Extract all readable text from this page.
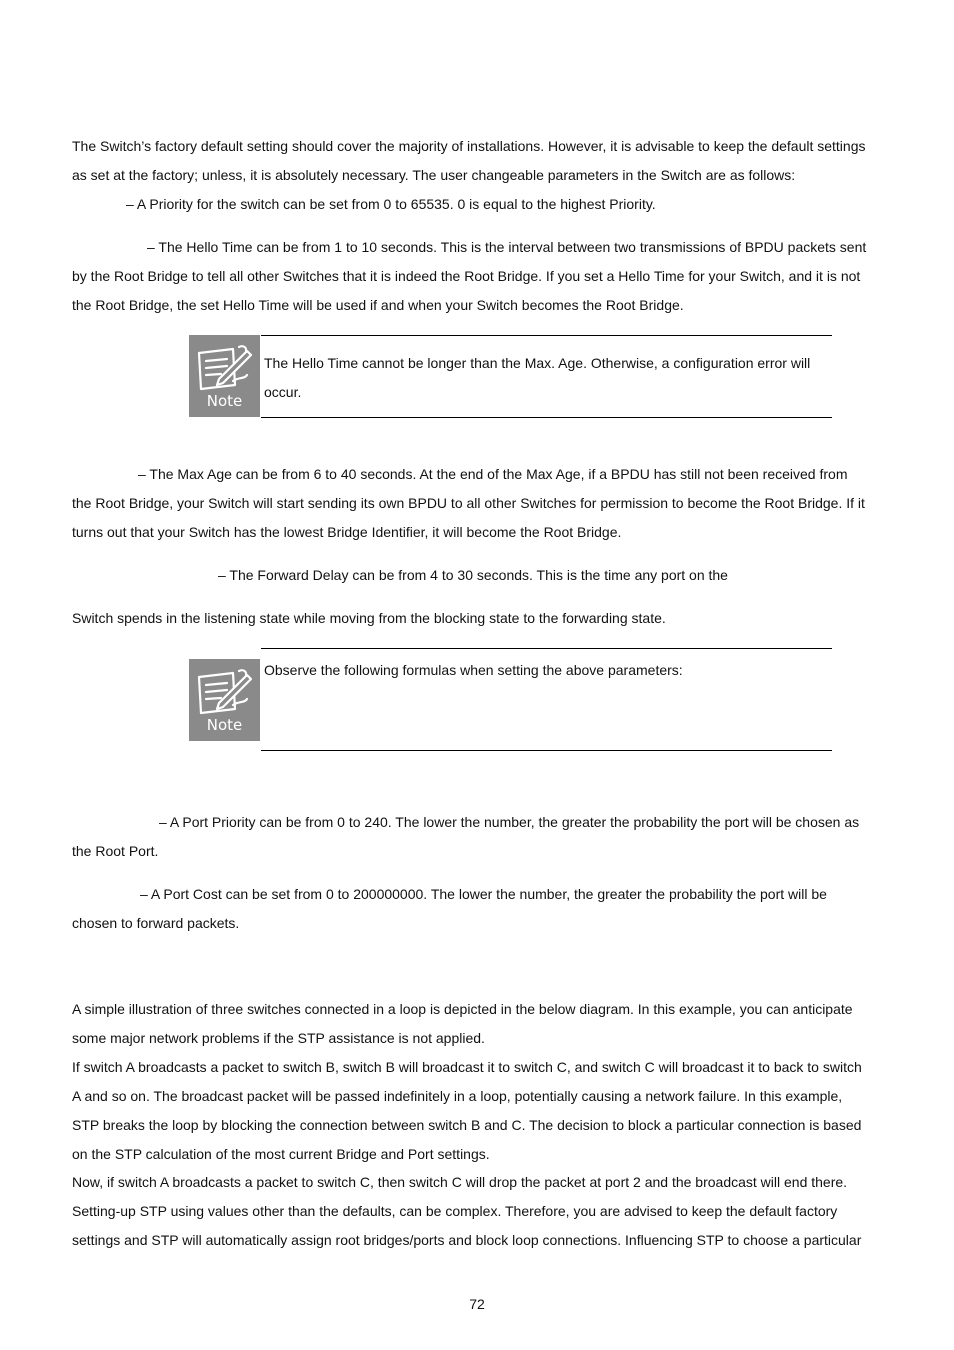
The Switch’s factory default setting should cover the majority of installations. However, it is advisable to keep the default settings
as set at the factory; unless, it is absolutely necessary. The user changeable parameters in the Switch are as follows:
– A Priority for the switch can be set from 0 to 65535. 0 is equal to the highest Priority.
– The Hello Time can be from 1 to 10 seconds. This is the interval between two transmissions of BPDU packets sent
by the Root Bridge to tell all other Switches that it is indeed the Root Bridge. If you set a Hello Time for your Switch, and it is not
the Root Bridge, the set Hello Time will be used if and when your Switch becomes the Root Bridge.
Note
The Hello Time cannot be longer than the Max. Age. Otherwise, a configuration error will
occur.
– The Max Age can be from 6 to 40 seconds. At the end of the Max Age, if a BPDU has still not been received from
the Root Bridge, your Switch will start sending its own BPDU to all other Switches for permission to become the Root Bridge. If it
turns out that your Switch has the lowest Bridge Identifier, it will become the Root Bridge.
– The Forward Delay can be from 4 to 30 seconds. This is the time any port on the
Switch spends in the listening state while moving from the blocking state to the forwarding state.
Note
Observe the following formulas when setting the above parameters:
– A Port Priority can be from 0 to 240. The lower the number, the greater the probability the port will be chosen as
the Root Port.
– A Port Cost can be set from 0 to 200000000. The lower the number, the greater the probability the port will be
chosen to forward packets.
A simple illustration of three switches connected in a loop is depicted in the below diagram. In this example, you can anticipate
some major network problems if the STP assistance is not applied.
If switch A broadcasts a packet to switch B, switch B will broadcast it to switch C, and switch C will broadcast it to back to switch
A and so on. The broadcast packet will be passed indefinitely in a loop, potentially causing a network failure. In this example,
STP breaks the loop by blocking the connection between switch B and C. The decision to block a particular connection is based
on the STP calculation of the most current Bridge and Port settings.
Now, if switch A broadcasts a packet to switch C, then switch C will drop the packet at port 2 and the broadcast will end there.
Setting-up STP using values other than the defaults, can be complex. Therefore, you are advised to keep the default factory
settings and STP will automatically assign root bridges/ports and block loop connections. Influencing STP to choose a particular
72
